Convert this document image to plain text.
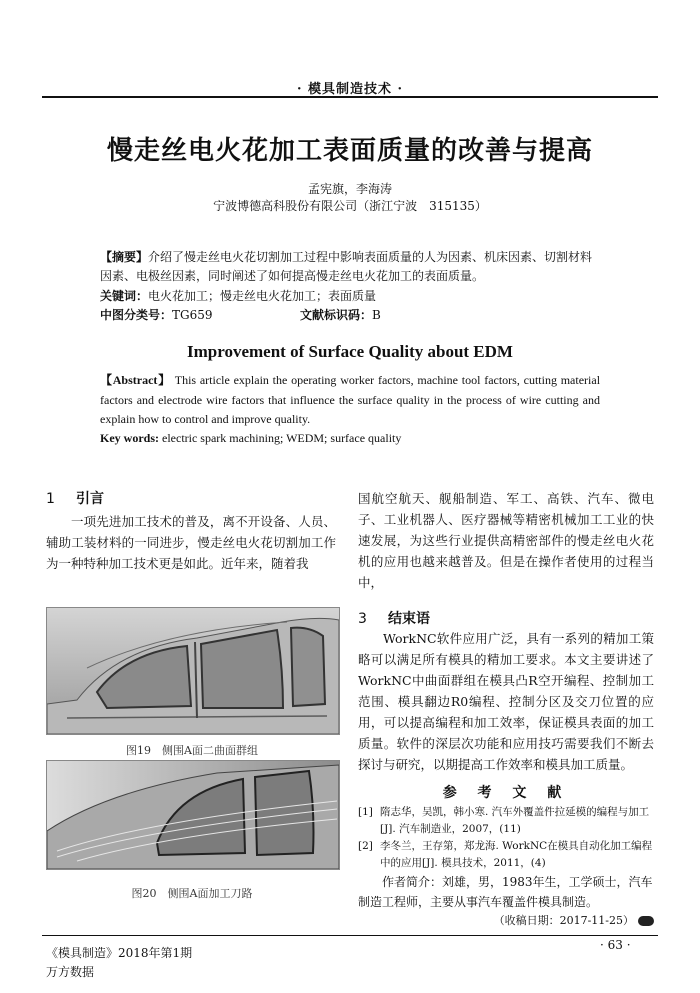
· 模具制造技术 ·
慢走丝电火花加工表面质量的改善与提高
孟宪旗，李海涛
宁波博德高科股份有限公司（浙江宁波　315135）
【摘要】介绍了慢走丝电火花切割加工过程中影响表面质量的人为因素、机床因素、切割材料因素、电极丝因素，同时阐述了如何提高慢走丝电火花加工的表面质量。
关键词：电火花加工；慢走丝电火花加工；表面质量
中图分类号：TG659	文献标识码：B
Improvement of Surface Quality about EDM
【Abstract】 This article explain the operating worker factors, machine tool factors, cutting material factors and electrode wire factors that influence the surface quality in the process of wire cutting and explain how to control and improve quality.
Key words: electric spark machining; WEDM; surface quality
1 引言
一项先进加工技术的普及，离不开设备、人员、辅助工装材料的一同进步，慢走丝电火花切割加工作为一种特种加工技术更是如此。近年来，随着我
国航空航天、舰船制造、军工、高铁、汽车、微电子、工业机器人、医疗器械等精密机械加工工业的快速发展，为这些行业提供高精密部件的慢走丝电火花机的应用也越来越普及。但是在操作者使用的过程当中，
图19　侧围A面二曲面群组
图20　侧围A面加工刀路
3 结束语
WorkNC软件应用广泛，具有一系列的精加工策略可以满足所有模具的精加工要求。本文主要讲述了WorkNC中曲面群组在模具凸R空开编程、控制加工范围、模具翻边R0编程、控制分区及交刀位置的应用，可以提高编程和加工效率，保证模具表面的加工质量。软件的深层次功能和应用技巧需要我们不断去探讨与研究，以期提高工作效率和模具加工质量。
参 考 文 献
[1] 隋志华，吴凯，韩小寒. 汽车外覆盖件拉延模的编程与加工[J]. 汽车制造业，2007，(11)
[2] 李冬兰，王存第，郑龙海. WorkNC在模具自动化加工编程中的应用[J]. 模具技术，2011，(4)
作者简介：刘雄，男，1983年生，工学硕士，汽车制造工程师，主要从事汽车覆盖件模具制造。
（收稿日期：2017-11-25）
《模具制造》2018年第1期
万方数据
· 63 ·
